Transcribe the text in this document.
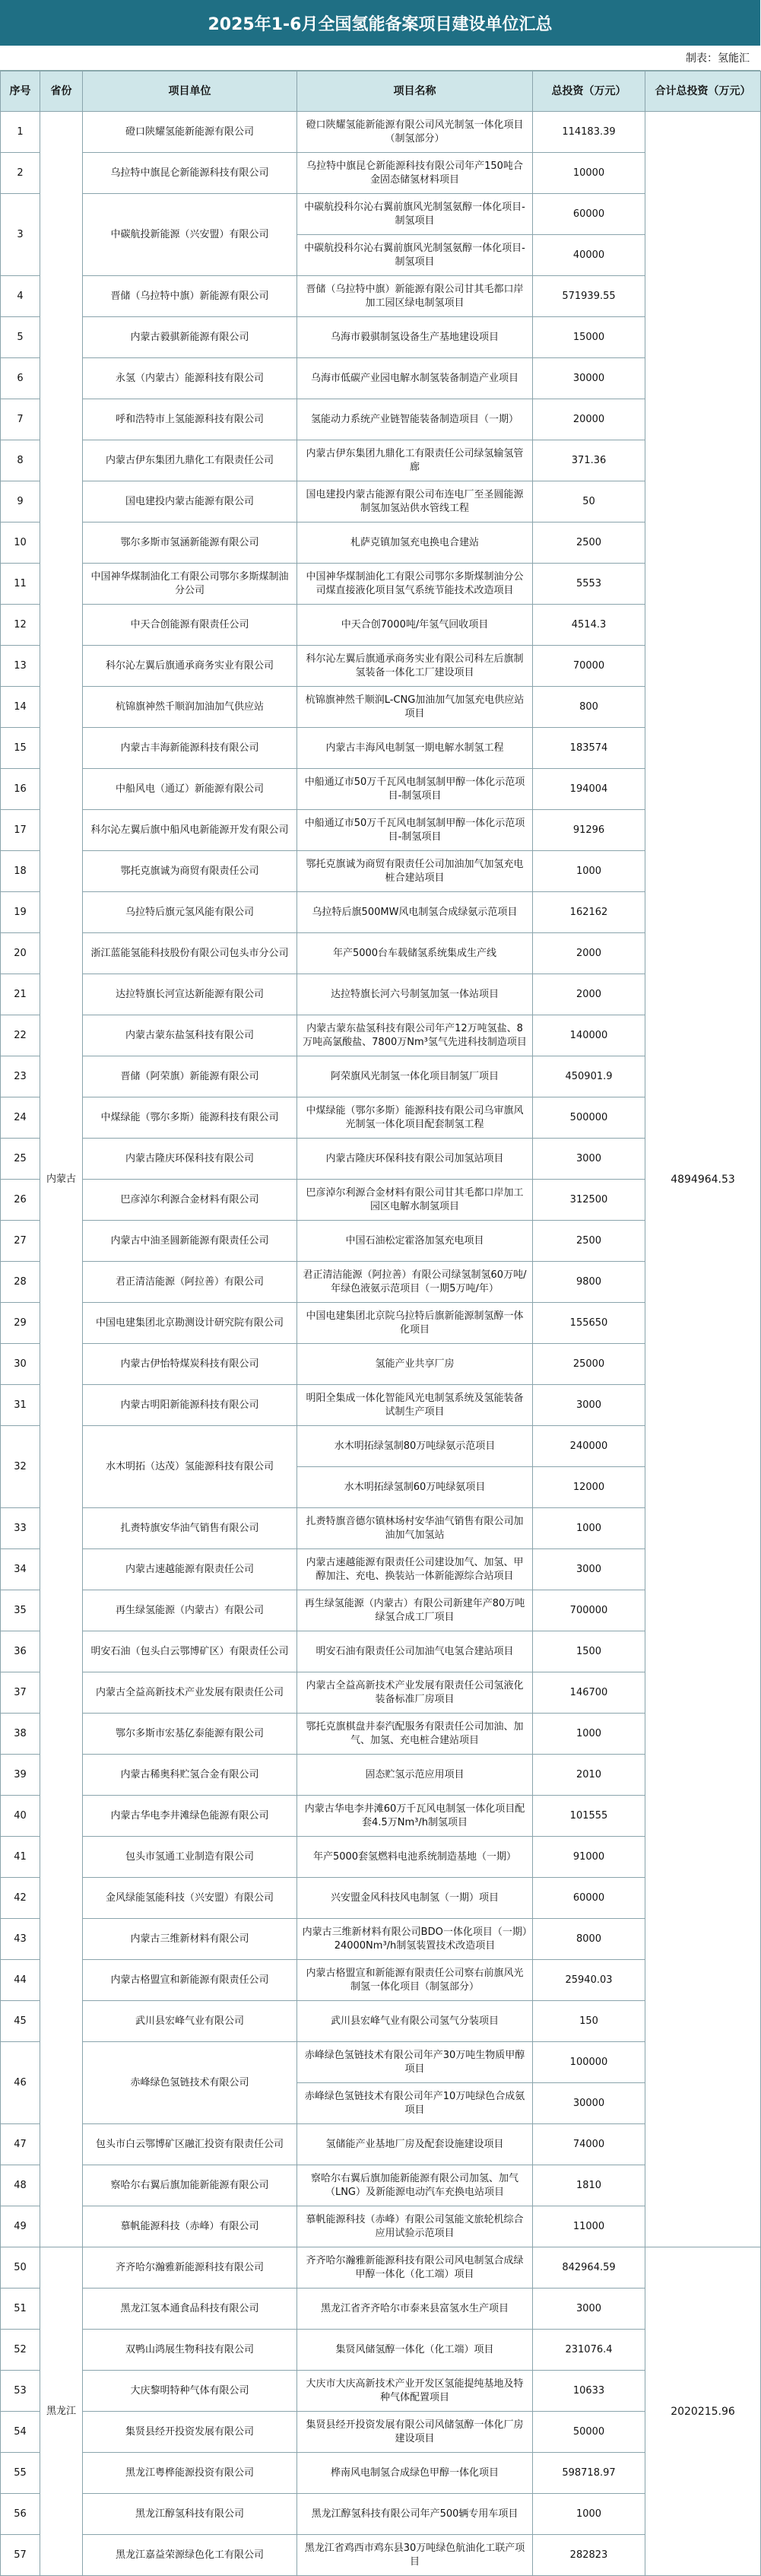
2025年1-6月全国氢能备案项目建设单位汇总
制表：氢能汇
序号	省份	项目单位	项目名称	总投资（万元）	合计总投资（万元）
1	内蒙古	磴口陕耀氢能新能源有限公司	磴口陕耀氢能新能源有限公司风光制氢一体化项目（制氢部分）	114183.39	4894964.53
2		乌拉特中旗昆仑新能源科技有限公司	乌拉特中旗昆仑新能源科技有限公司年产150吨合金固态储氢材料项目	10000	
3		中碳航投新能源（兴安盟）有限公司	中碳航投科尔沁右翼前旗风光制氢氨醇一体化项目-制氢项目	60000	
			中碳航投科尔沁右翼前旗风光制氢氨醇一体化项目-制氢项目	40000	
4		晋储（乌拉特中旗）新能源有限公司	晋储（乌拉特中旗）新能源有限公司甘其毛都口岸加工园区绿电制氢项目	571939.55	
5		内蒙古毅骐新能源有限公司	乌海市毅骐制氢设备生产基地建设项目	15000	
6		永氢（内蒙古）能源科技有限公司	乌海市低碳产业园电解水制氢装备制造产业项目	30000	
7		呼和浩特市上氢能源科技有限公司	氢能动力系统产业链智能装备制造项目（一期）	20000	
8		内蒙古伊东集团九鼎化工有限责任公司	内蒙古伊东集团九鼎化工有限责任公司绿氢输氢管廊	371.36	
9		国电建投内蒙古能源有限公司	国电建投内蒙古能源有限公司布连电厂至圣圆能源制氢加氢站供水管线工程	50	
10		鄂尔多斯市氢涵新能源有限公司	札萨克镇加氢充电换电合建站	2500	
11		中国神华煤制油化工有限公司鄂尔多斯煤制油分公司	中国神华煤制油化工有限公司鄂尔多斯煤制油分公司煤直接液化项目氢气系统节能技术改造项目	5553	
12		中天合创能源有限责任公司	中天合创7000吨/年氢气回收项目	4514.3	
13		科尔沁左翼后旗通承商务实业有限公司	科尔沁左翼后旗通承商务实业有限公司科左后旗制氢装备一体化工厂建设项目	70000	
14		杭锦旗神然千顺润加油加气供应站	杭锦旗神然千顺润L-CNG加油加气加氢充电供应站项目	800	
15		内蒙古丰海新能源科技有限公司	内蒙古丰海风电制氢一期电解水制氢工程	183574	
16		中船风电（通辽）新能源有限公司	中船通辽市50万千瓦风电制氢制甲醇一体化示范项目-制氢项目	194004	
17		科尔沁左翼后旗中船风电新能源开发有限公司	中船通辽市50万千瓦风电制氢制甲醇一体化示范项目-制氢项目	91296	
18		鄂托克旗诚为商贸有限责任公司	鄂托克旗诚为商贸有限责任公司加油加气加氢充电桩合建站项目	1000	
19		乌拉特后旗元氢风能有限公司	乌拉特后旗500MW风电制氢合成绿氨示范项目	162162	
20		浙江蓝能氢能科技股份有限公司包头市分公司	年产5000台车载储氢系统集成生产线	2000	
21		达拉特旗长河宣达新能源有限公司	达拉特旗长河六号制氢加氢一体站项目	2000	
22		内蒙古蒙东盐氢科技有限公司	内蒙古蒙东盐氢科技有限公司年产12万吨氢盐、8万吨高氯酸盐、7800万Nm³氢气先进科技制造项目	140000	
23		晋储（阿荣旗）新能源有限公司	阿荣旗风光制氢一体化项目制氢厂项目	450901.9	
24		中煤绿能（鄂尔多斯）能源科技有限公司	中煤绿能（鄂尔多斯）能源科技有限公司乌审旗风光制氢一体化项目配套制氢工程	500000	
25		内蒙古隆庆环保科技有限公司	内蒙古隆庆环保科技有限公司加氢站项目	3000	
26		巴彦淖尔利源合金材料有限公司	巴彦淖尔利源合金材料有限公司甘其毛都口岸加工园区电解水制氢项目	312500	
27		内蒙古中油圣圆新能源有限责任公司	中国石油松定霍洛加氢充电项目	2500	
28		君正清洁能源（阿拉善）有限公司	君正清洁能源（阿拉善）有限公司绿氢制氢60万吨/年绿色液氨示范项目（一期5万吨/年）	9800	
29		中国电建集团北京勘测设计研究院有限公司	中国电建集团北京院乌拉特后旗新能源制氢醇一体化项目	155650	
30		内蒙古伊怡特煤炭科技有限公司	氢能产业共享厂房	25000	
31		内蒙古明阳新能源科技有限公司	明阳全集成一体化智能风光电制氢系统及氢能装备试制生产项目	3000	
32		水木明拓（达茂）氢能源科技有限公司	水木明拓绿氢制80万吨绿氨示范项目	240000	
			水木明拓绿氢制60万吨绿氨项目	12000	
33		扎赉特旗安华油气销售有限公司	扎赉特旗音德尔镇林场村安华油气销售有限公司加油加气加氢站	1000	
34		内蒙古速越能源有限责任公司	内蒙古速越能源有限责任公司建设加气、加氢、甲醇加注、充电、换装站一体新能源综合站项目	3000	
35		再生绿氢能源（内蒙古）有限公司	再生绿氢能源（内蒙古）有限公司新建年产80万吨绿氢合成工厂项目	700000	
36		明安石油（包头白云鄂博矿区）有限责任公司	明安石油有限责任公司加油气电氢合建站项目	1500	
37		内蒙古全益高新技术产业发展有限责任公司	内蒙古全益高新技术产业发展有限责任公司氢液化装备标准厂房项目	146700	
38		鄂尔多斯市宏基亿泰能源有限公司	鄂托克旗棋盘井泰汽配服务有限责任公司加油、加气、加氢、充电桩合建站项目	1000	
39		内蒙古稀奥科贮氢合金有限公司	固态贮氢示范应用项目	2010	
40		内蒙古华电李井滩绿色能源有限公司	内蒙古华电李井滩60万千瓦风电制氢一体化项目配套4.5万Nm³/h制氢项目	101555	
41		包头市氢通工业制造有限公司	年产5000套氢燃料电池系统制造基地（一期）	91000	
42		金风绿能氢能科技（兴安盟）有限公司	兴安盟金风科技风电制氢（一期）项目	60000	
43		内蒙古三维新材料有限公司	内蒙古三维新材料有限公司BDO一体化项目（一期）24000Nm³/h制氢装置技术改造项目	8000	
44		内蒙古格盟宣和新能源有限责任公司	内蒙古格盟宣和新能源有限责任公司察右前旗风光制氢一体化项目（制氢部分）	25940.03	
45		武川县宏峰气业有限公司	武川县宏峰气业有限公司氢气分装项目	150	
46		赤峰绿色氢链技术有限公司	赤峰绿色氢链技术有限公司年产30万吨生物质甲醇项目	100000	
			赤峰绿色氢链技术有限公司年产10万吨绿色合成氨项目	30000	
47		包头市白云鄂博矿区融汇投资有限责任公司	氢储能产业基地厂房及配套设施建设项目	74000	
48		察哈尔右翼后旗加能新能源有限公司	察哈尔右翼后旗加能新能源有限公司加氢、加气（LNG）及新能源电动汽车充换电站项目	1810	
49		慕帆能源科技（赤峰）有限公司	慕帆能源科技（赤峰）有限公司氢能文旅轮机综合应用试验示范项目	11000	
50	黑龙江	齐齐哈尔瀚雅新能源科技有限公司	齐齐哈尔瀚雅新能源科技有限公司风电制氢合成绿甲醇一体化（化工端）项目	842964.59	2020215.96
51		黑龙江氢本通食品科技有限公司	黑龙江省齐齐哈尔市泰来县富氢水生产项目	3000	
52		双鸭山鸿展生物科技有限公司	集贤风储氢醇一体化（化工端）项目	231076.4	
53		大庆黎明特种气体有限公司	大庆市大庆高新技术产业开发区氢能提纯基地及特种气体配置项目	10633	
54		集贤县经开投资发展有限公司	集贤县经开投资发展有限公司风储氢醇一体化厂房建设项目	50000	
55		黑龙江粤桦能源投资有限公司	桦南风电制氢合成绿色甲醇一体化项目	598718.97	
56		黑龙江醇氢科技有限公司	黑龙江醇氢科技有限公司年产500辆专用车项目	1000	
57		黑龙江嘉益荣源绿色化工有限公司	黑龙江省鸡西市鸡东县30万吨绿色航油化工联产项目	282823	
